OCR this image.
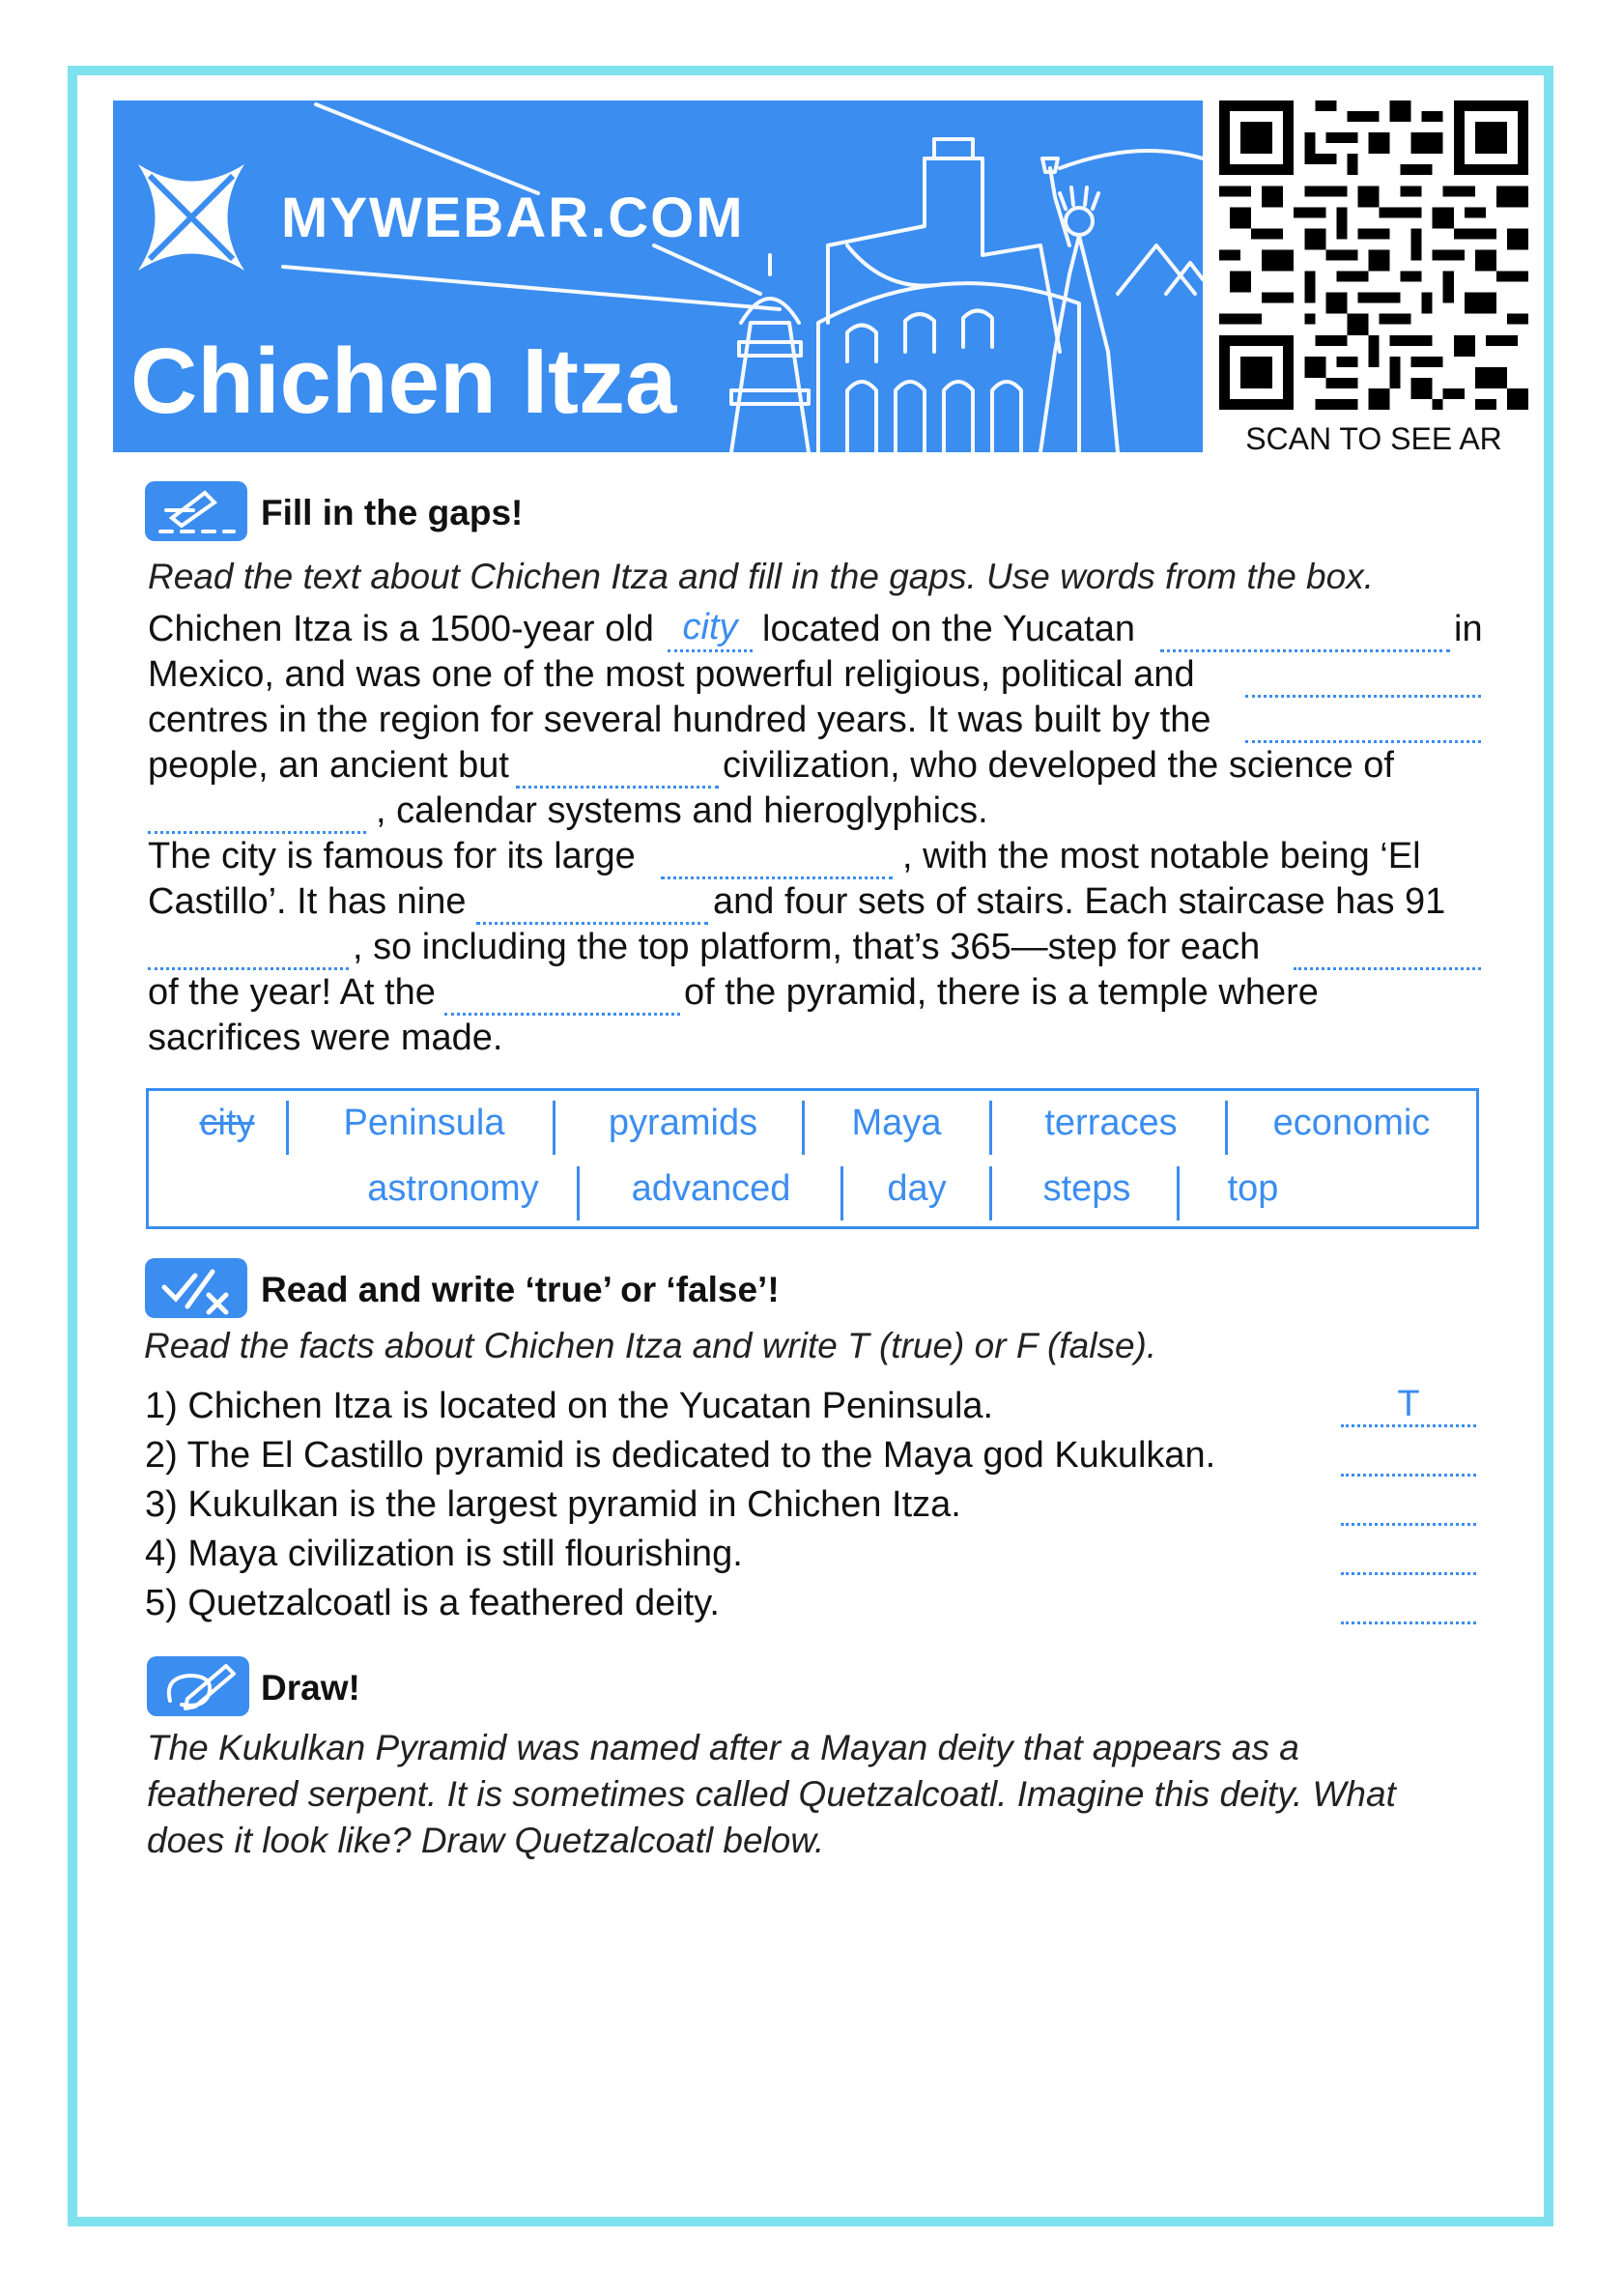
MYWEBAR.COM
Chichen Itza
SCAN TO SEE AR
Fill in the gaps!
Read the text about Chichen Itza and fill in the gaps. Use words from the box.
Chichen Itza is a 1500-year old city located on the Yucatan	in
Mexico, and was one of the most powerful religious, political and
centres in the region for several hundred years. It was built by the
people, an ancient but	civilization, who developed the science of
, calendar systems and hieroglyphics.
The city is famous for its large	, with the most notable being ‘El
Castillo’. It has nine	and four sets of stairs. Each staircase has 91
, so including the top platform, that’s 365—step for each
of the year! At the	of the pyramid, there is a temple where
sacrifices were made.
city	Peninsula	pyramids	Maya	terraces	economic
astronomy	advanced	day	steps	top
Read and write ‘true’ or ‘false’!
Read the facts about Chichen Itza and write T (true) or F (false).
1) Chichen Itza is located on the Yucatan Peninsula.	T
2) The El Castillo pyramid is dedicated to the Maya god Kukulkan.
3) Kukulkan is the largest pyramid in Chichen Itza.
4) Maya civilization is still flourishing.
5) Quetzalcoatl is a feathered deity.
Draw!
The Kukulkan Pyramid was named after a Mayan deity that appears as a
feathered serpent. It is sometimes called Quetzalcoatl. Imagine this deity. What
does it look like? Draw Quetzalcoatl below.
